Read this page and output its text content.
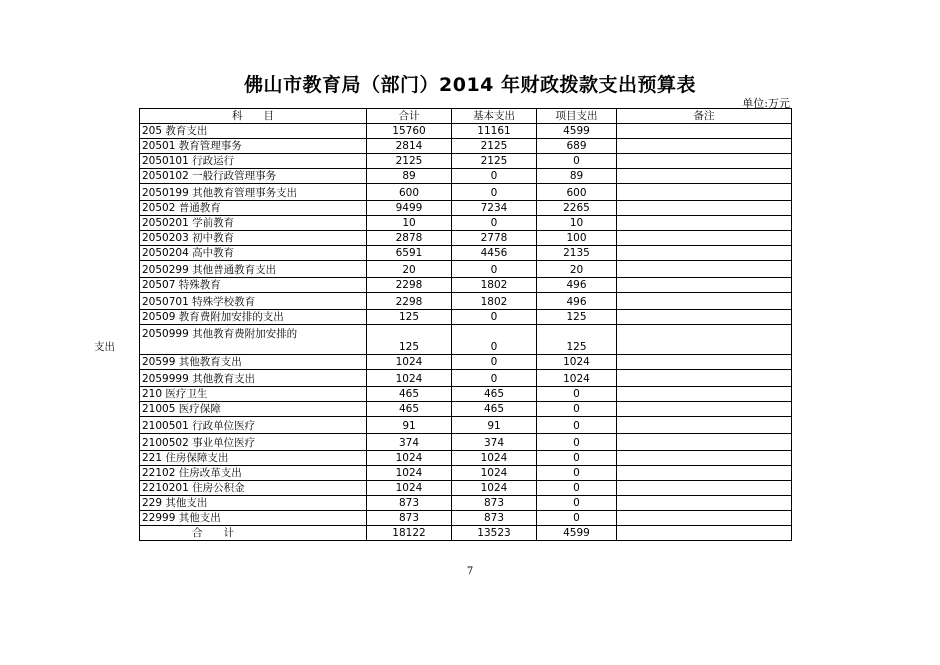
佛山市教育局（部门）2014 年财政拨款支出预算表
单位:万元
科　　目	合计	基本支出	项目支出	备注
205 教育支出	15760	11161	4599	
20501 教育管理事务	2814	2125	689	
2050101 行政运行	2125	2125	0	
2050102 一般行政管理事务	89	0	89	
2050199 其他教育管理事务支出	600	0	600	
20502 普通教育	9499	7234	2265	
2050201 学前教育	10	0	10	
2050203 初中教育	2878	2778	100	
2050204 高中教育	6591	4456	2135	
2050299 其他普通教育支出	20	0	20	
20507 特殊教育	2298	1802	496	
2050701 特殊学校教育	2298	1802	496	
20509 教育费附加安排的支出	125	0	125	
2050999 其他教育费附加安排的
支出	125	0	125	
20599 其他教育支出	1024	0	1024	
2059999 其他教育支出	1024	0	1024	
210 医疗卫生	465	465	0	
21005 医疗保障	465	465	0	
2100501 行政单位医疗	91	91	0	
2100502 事业单位医疗	374	374	0	
221 住房保障支出	1024	1024	0	
22102 住房改革支出	1024	1024	0	
2210201 住房公积金	1024	1024	0	
229 其他支出	873	873	0	
22999 其他支出	873	873	0	
合　　计	18122	13523	4599	
7
